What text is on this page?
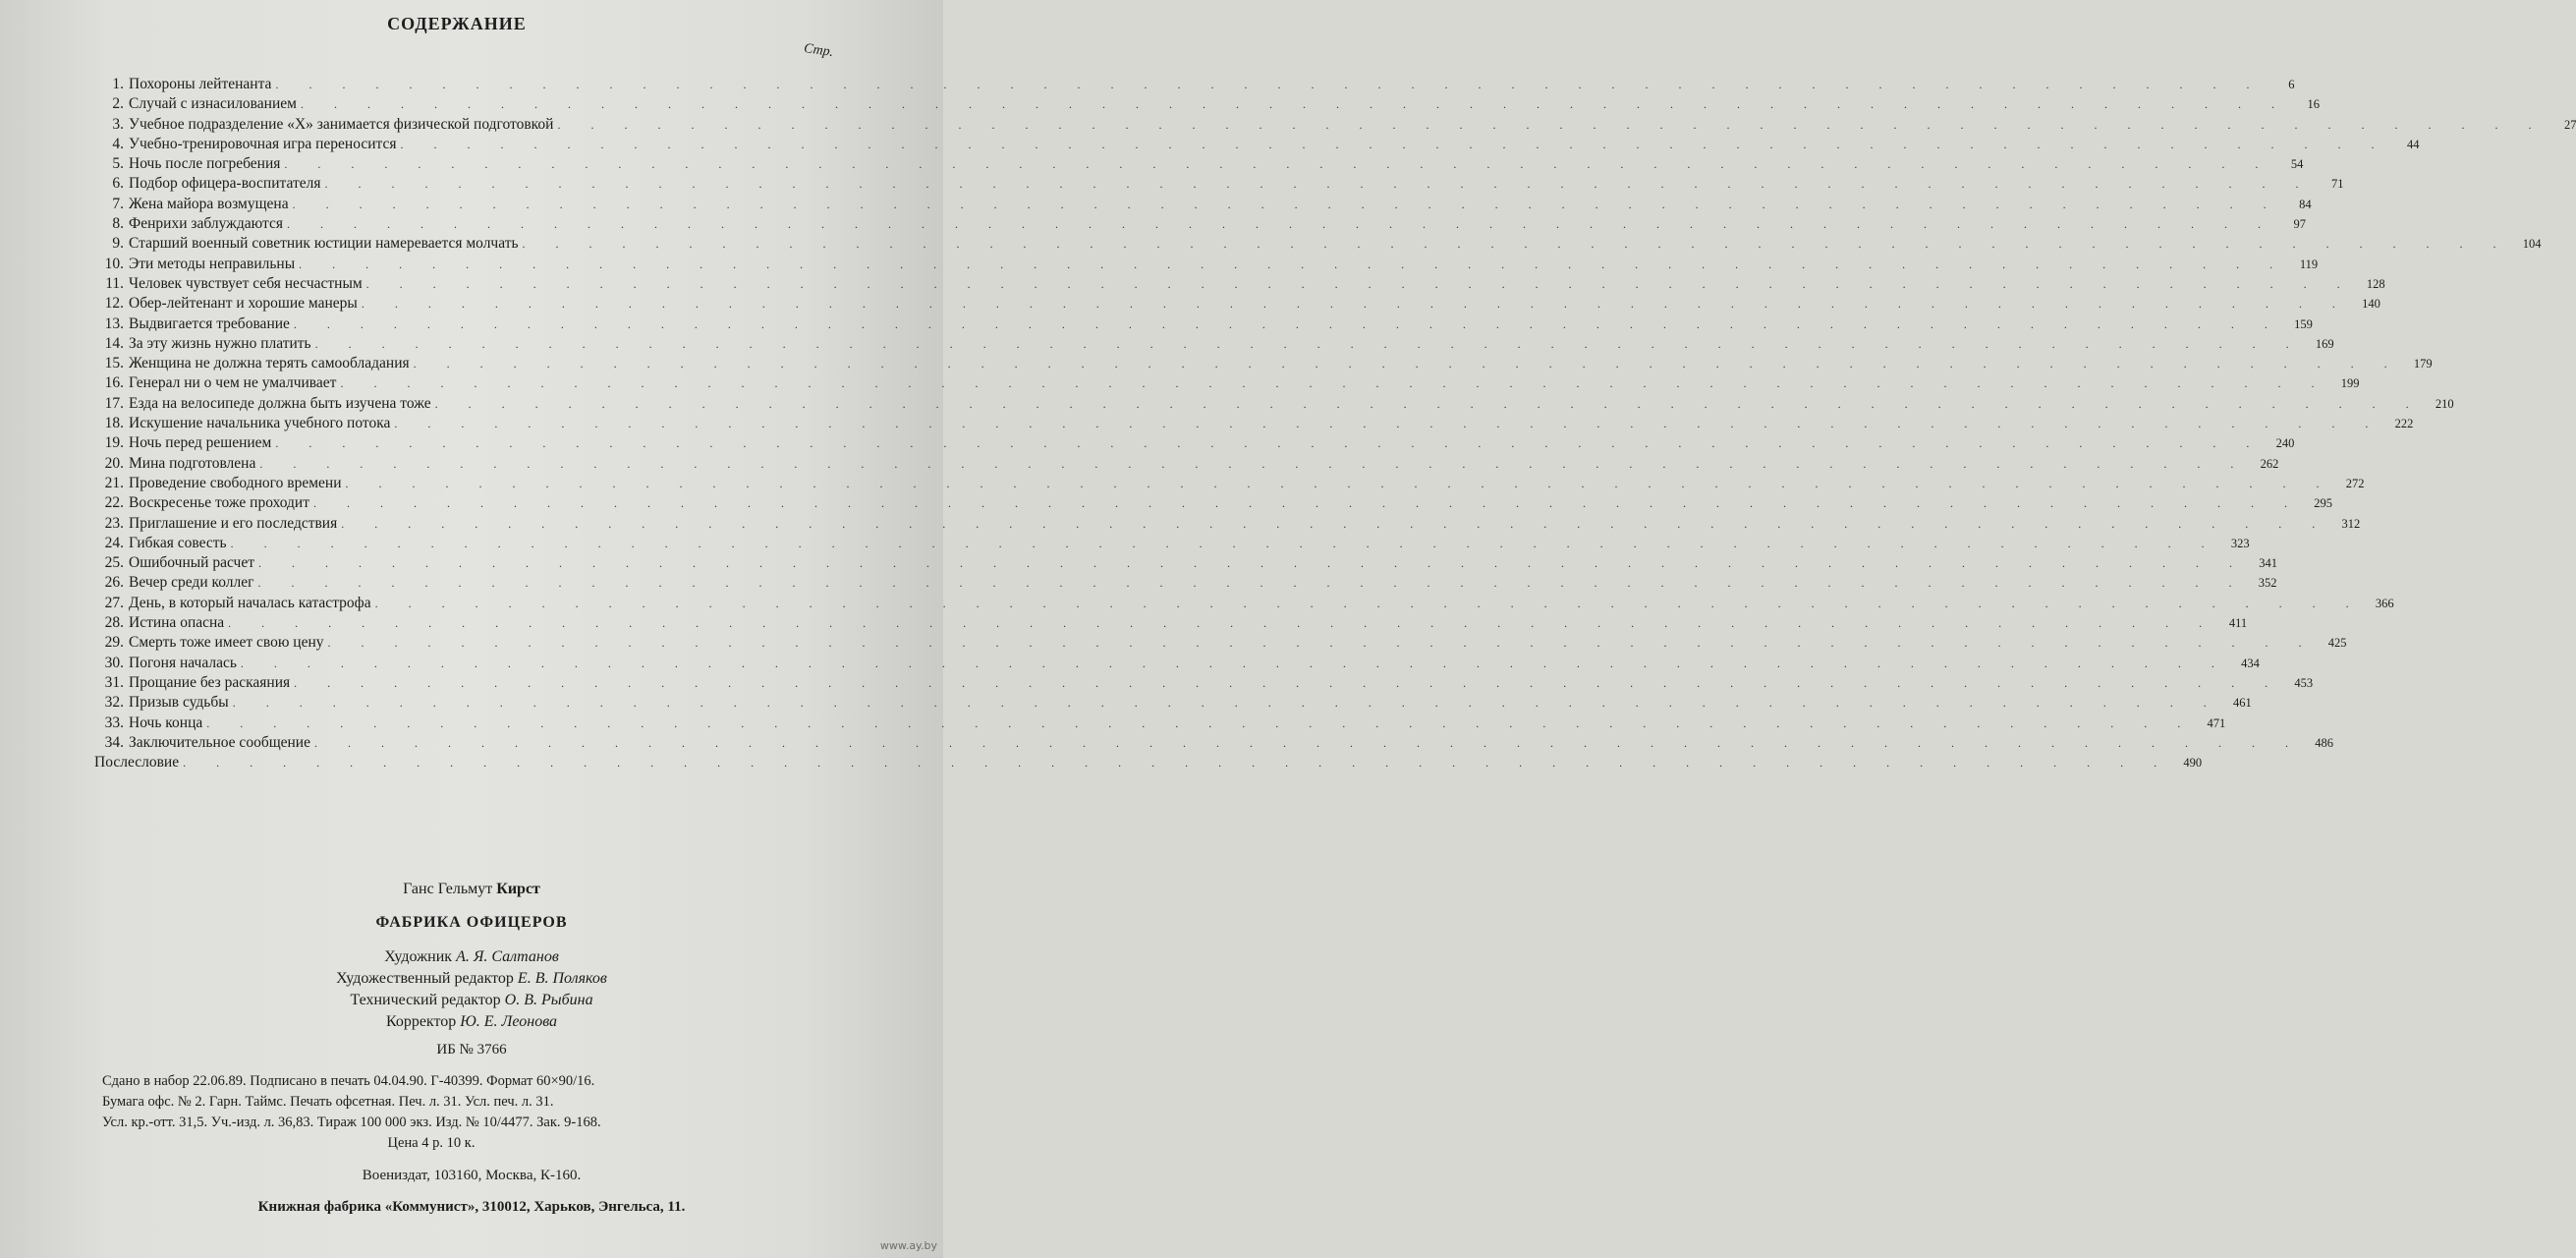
СОДЕРЖАНИЕ
Стр.
1. Похороны лейтенанта . . . . . . . . . . . . . . . . . . . . . . . . . . . . . . . . . . . . . . . . . . . . . . . . . . . . . . . . . . . .	6
2. Случай с изнасилованием . . . . . . . . . . . . . . . . . . . . . . . . . . . . . . . . . . . . . . . . . . . . . . . . . . . . . . . . . . . .	16
3. Учебное подразделение «Х» занимается физической подготовкой . . . . . . . . . . . . . . . . . . . . . . . . . . . . . . . . . . . . . . . . . . . . . . . . . . . . . . . . . . . .	27
4. Учебно-тренировочная игра переносится . . . . . . . . . . . . . . . . . . . . . . . . . . . . . . . . . . . . . . . . . . . . . . . . . . . . . . . . . . . .	44
5. Ночь после погребения . . . . . . . . . . . . . . . . . . . . . . . . . . . . . . . . . . . . . . . . . . . . . . . . . . . . . . . . . . . .	54
6. Подбор офицера-воспитателя . . . . . . . . . . . . . . . . . . . . . . . . . . . . . . . . . . . . . . . . . . . . . . . . . . . . . . . . . . . .	71
7. Жена майора возмущена . . . . . . . . . . . . . . . . . . . . . . . . . . . . . . . . . . . . . . . . . . . . . . . . . . . . . . . . . . . .	84
8. Фенрихи заблуждаются . . . . . . . . . . . . . . . . . . . . . . . . . . . . . . . . . . . . . . . . . . . . . . . . . . . . . . . . . . . .	97
9. Старший военный советник юстиции намеревается молчать . . . . . . . . . . . . . . . . . . . . . . . . . . . . . . . . . . . . . . . . . . . . . . . . . . . . . . . . . . . .	104
10. Эти методы неправильны . . . . . . . . . . . . . . . . . . . . . . . . . . . . . . . . . . . . . . . . . . . . . . . . . . . . . . . . . . . .	119
11. Человек чувствует себя несчастным . . . . . . . . . . . . . . . . . . . . . . . . . . . . . . . . . . . . . . . . . . . . . . . . . . . . . . . . . . . .	128
12. Обер-лейтенант и хорошие манеры . . . . . . . . . . . . . . . . . . . . . . . . . . . . . . . . . . . . . . . . . . . . . . . . . . . . . . . . . . . .	140
13. Выдвигается требование . . . . . . . . . . . . . . . . . . . . . . . . . . . . . . . . . . . . . . . . . . . . . . . . . . . . . . . . . . . .	159
14. За эту жизнь нужно платить . . . . . . . . . . . . . . . . . . . . . . . . . . . . . . . . . . . . . . . . . . . . . . . . . . . . . . . . . . . .	169
15. Женщина не должна терять самообладания . . . . . . . . . . . . . . . . . . . . . . . . . . . . . . . . . . . . . . . . . . . . . . . . . . . . . . . . . . . .	179
16. Генерал ни о чем не умалчивает . . . . . . . . . . . . . . . . . . . . . . . . . . . . . . . . . . . . . . . . . . . . . . . . . . . . . . . . . . . .	199
17. Езда на велосипеде должна быть изучена тоже . . . . . . . . . . . . . . . . . . . . . . . . . . . . . . . . . . . . . . . . . . . . . . . . . . . . . . . . . . . .	210
18. Искушение начальника учебного потока . . . . . . . . . . . . . . . . . . . . . . . . . . . . . . . . . . . . . . . . . . . . . . . . . . . . . . . . . . . .	222
19. Ночь перед решением . . . . . . . . . . . . . . . . . . . . . . . . . . . . . . . . . . . . . . . . . . . . . . . . . . . . . . . . . . . .	240
20. Мина подготовлена . . . . . . . . . . . . . . . . . . . . . . . . . . . . . . . . . . . . . . . . . . . . . . . . . . . . . . . . . . . .	262
21. Проведение свободного времени . . . . . . . . . . . . . . . . . . . . . . . . . . . . . . . . . . . . . . . . . . . . . . . . . . . . . . . . . . . .	272
22. Воскресенье тоже проходит . . . . . . . . . . . . . . . . . . . . . . . . . . . . . . . . . . . . . . . . . . . . . . . . . . . . . . . . . . . .	295
23. Приглашение и его последствия . . . . . . . . . . . . . . . . . . . . . . . . . . . . . . . . . . . . . . . . . . . . . . . . . . . . . . . . . . . .	312
24. Гибкая совесть . . . . . . . . . . . . . . . . . . . . . . . . . . . . . . . . . . . . . . . . . . . . . . . . . . . . . . . . . . . .	323
25. Ошибочный расчет . . . . . . . . . . . . . . . . . . . . . . . . . . . . . . . . . . . . . . . . . . . . . . . . . . . . . . . . . . . .	341
26. Вечер среди коллег . . . . . . . . . . . . . . . . . . . . . . . . . . . . . . . . . . . . . . . . . . . . . . . . . . . . . . . . . . . .	352
27. День, в который началась катастрофа . . . . . . . . . . . . . . . . . . . . . . . . . . . . . . . . . . . . . . . . . . . . . . . . . . . . . . . . . . . .	366
28. Истина опасна . . . . . . . . . . . . . . . . . . . . . . . . . . . . . . . . . . . . . . . . . . . . . . . . . . . . . . . . . . . .	411
29. Смерть тоже имеет свою цену . . . . . . . . . . . . . . . . . . . . . . . . . . . . . . . . . . . . . . . . . . . . . . . . . . . . . . . . . . . .	425
30. Погоня началась . . . . . . . . . . . . . . . . . . . . . . . . . . . . . . . . . . . . . . . . . . . . . . . . . . . . . . . . . . . .	434
31. Прощание без раскаяния . . . . . . . . . . . . . . . . . . . . . . . . . . . . . . . . . . . . . . . . . . . . . . . . . . . . . . . . . . . .	453
32. Призыв судьбы . . . . . . . . . . . . . . . . . . . . . . . . . . . . . . . . . . . . . . . . . . . . . . . . . . . . . . . . . . . .	461
33. Ночь конца . . . . . . . . . . . . . . . . . . . . . . . . . . . . . . . . . . . . . . . . . . . . . . . . . . . . . . . . . . . .	471
34. Заключительное сообщение . . . . . . . . . . . . . . . . . . . . . . . . . . . . . . . . . . . . . . . . . . . . . . . . . . . . . . . . . . . .	486
Послесловие . . . . . . . . . . . . . . . . . . . . . . . . . . . . . . . . . . . . . . . . . . . . . . . . . . . . . . . . . . . .	490
Ганс Гельмут Кирст
ФАБРИКА ОФИЦЕРОВ
Художник А. Я. Салтанов
Художественный редактор Е. В. Поляков
Технический редактор О. В. Рыбина
Корректор Ю. Е. Леонова
ИБ № 3766
Сдано в набор 22.06.89. Подписано в печать 04.04.90. Г-40399. Формат 60×90/16.
Бумага офс. № 2. Гарн. Таймс. Печать офсетная. Печ. л. 31. Усл. печ. л. 31.
Усл. кр.-отт. 31,5. Уч.-изд. л. 36,83. Тираж 100 000 экз. Изд. № 10/4477. Зак. 9-168.
Цена 4 р. 10 к.
Воениздат, 103160, Москва, К-160.
Книжная фабрика «Коммунист», 310012, Харьков, Энгельса, 11.
www.ay.by
